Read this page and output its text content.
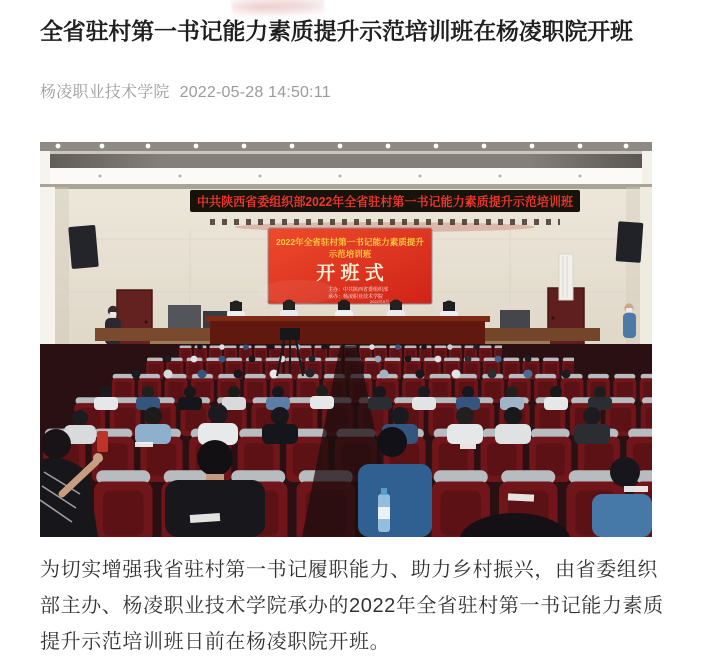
全省驻村第一书记能力素质提升示范培训班在杨凌职院开班
杨凌职业技术学院 2022-05-28 14:50:11
中共陕西省委组织部2022年全省驻村第一书记能力素质提升示范培训班
2022年全省驻村第一书记能力素质提升
示范培训班
开 班 式
主办：中共陕西省委组织部
承办：杨凌职业技术学院
2022年5月

为切实增强我省驻村第一书记履职能力、助力乡村振兴，由省委组织
部主办、杨凌职业技术学院承办的2022年全省驻村第一书记能力素质
提升示范培训班日前在杨凌职院开班。
